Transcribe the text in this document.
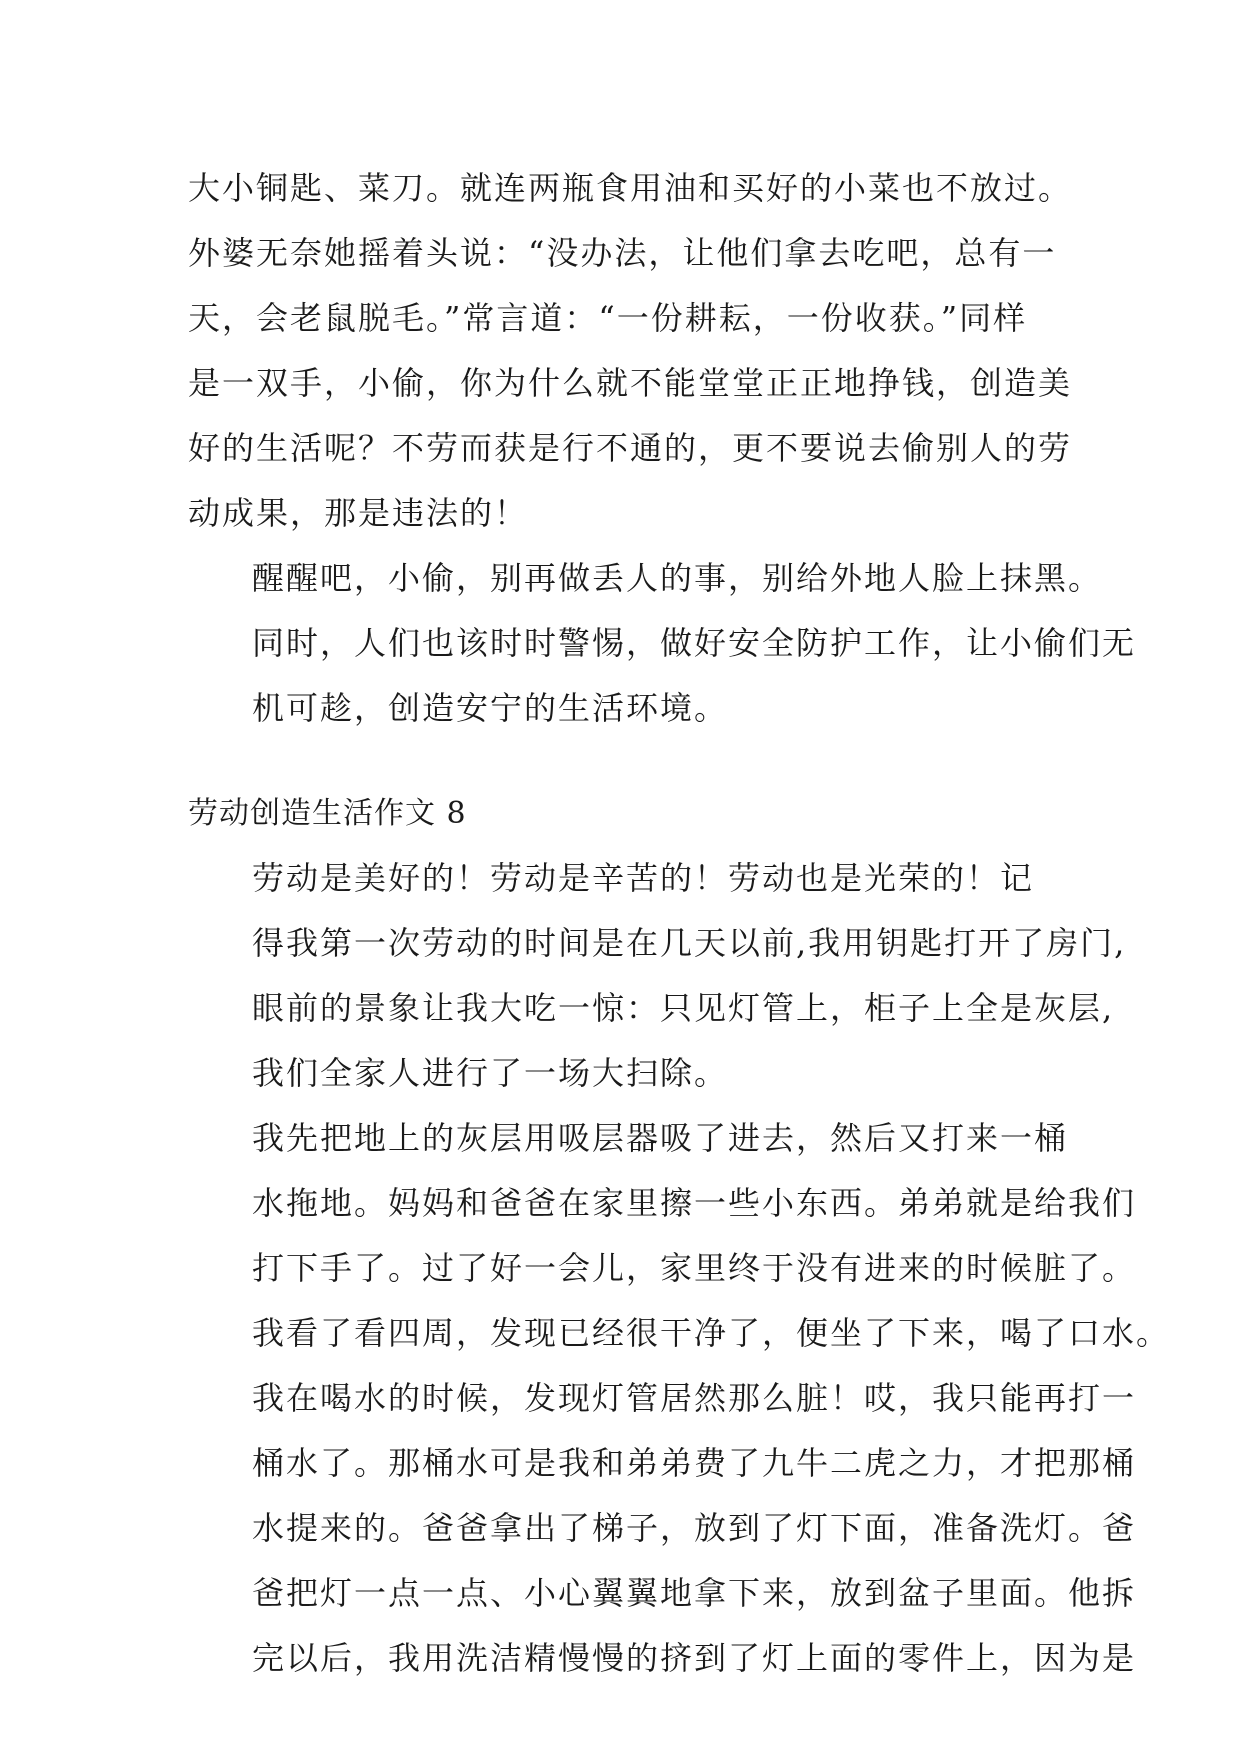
大小铜匙、菜刀。就连两瓶食用油和买好的小菜也不放过。
外婆无奈她摇着头说：“没办法，让他们拿去吃吧，总有一
天，会老鼠脱毛。”常言道：“一份耕耘，一份收获。”同样
是一双手，小偷，你为什么就不能堂堂正正地挣钱，创造美
好的生活呢？不劳而获是行不通的，更不要说去偷别人的劳
动成果，那是违法的！
醒醒吧，小偷，别再做丢人的事，别给外地人脸上抹黑。
同时，人们也该时时警惕，做好安全防护工作，让小偷们无
机可趁，创造安宁的生活环境。
劳动创造生活作文 8
劳动是美好的！劳动是辛苦的！劳动也是光荣的！记
得我第一次劳动的时间是在几天以前,我用钥匙打开了房门,
眼前的景象让我大吃一惊：只见灯管上，柜子上全是灰层,
我们全家人进行了一场大扫除。
我先把地上的灰层用吸层器吸了进去，然后又打来一桶
水拖地。妈妈和爸爸在家里擦一些小东西。弟弟就是给我们
打下手了。过了好一会儿，家里终于没有进来的时候脏了。
我看了看四周，发现已经很干净了，便坐了下来，喝了口水。
我在喝水的时候，发现灯管居然那么脏！哎，我只能再打一
桶水了。那桶水可是我和弟弟费了九牛二虎之力，才把那桶
水提来的。爸爸拿出了梯子，放到了灯下面，准备洗灯。爸
爸把灯一点一点、小心翼翼地拿下来，放到盆子里面。他拆
完以后，我用洗洁精慢慢的挤到了灯上面的零件上，因为是
